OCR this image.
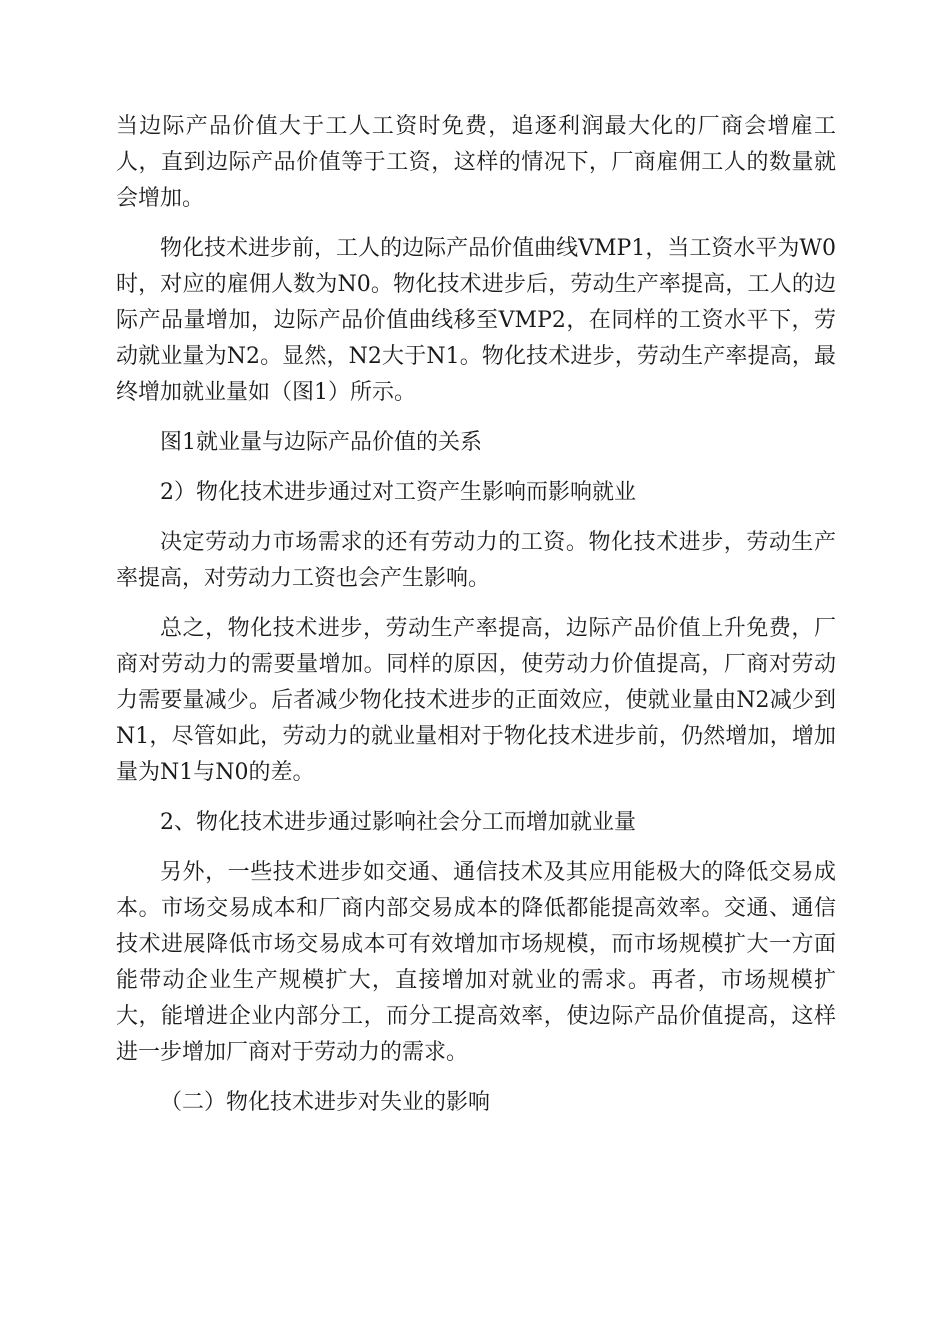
当边际产品价值大于工人工资时免费，追逐利润最大化的厂商会增雇工人，直到边际产品价值等于工资，这样的情况下，厂商雇佣工人的数量就会增加。

物化技术进步前，工人的边际产品价值曲线VMP1，当工资水平为W0时，对应的雇佣人数为N0。物化技术进步后，劳动生产率提高，工人的边际产品量增加，边际产品价值曲线移至VMP2，在同样的工资水平下，劳动就业量为N2。显然，N2大于N1。物化技术进步，劳动生产率提高，最终增加就业量如（图1）所示。

图1就业量与边际产品价值的关系

2）物化技术进步通过对工资产生影响而影响就业

决定劳动力市场需求的还有劳动力的工资。物化技术进步，劳动生产率提高，对劳动力工资也会产生影响。

总之，物化技术进步，劳动生产率提高，边际产品价值上升免费，厂商对劳动力的需要量增加。同样的原因，使劳动力价值提高，厂商对劳动力需要量减少。后者减少物化技术进步的正面效应，使就业量由N2减少到N1，尽管如此，劳动力的就业量相对于物化技术进步前，仍然增加，增加量为N1与N0的差。

2、物化技术进步通过影响社会分工而增加就业量

另外，一些技术进步如交通、通信技术及其应用能极大的降低交易成本。市场交易成本和厂商内部交易成本的降低都能提高效率。交通、通信技术进展降低市场交易成本可有效增加市场规模，而市场规模扩大一方面能带动企业生产规模扩大，直接增加对就业的需求。再者，市场规模扩大，能增进企业内部分工，而分工提高效率，使边际产品价值提高，这样进一步增加厂商对于劳动力的需求。

（二）物化技术进步对失业的影响
